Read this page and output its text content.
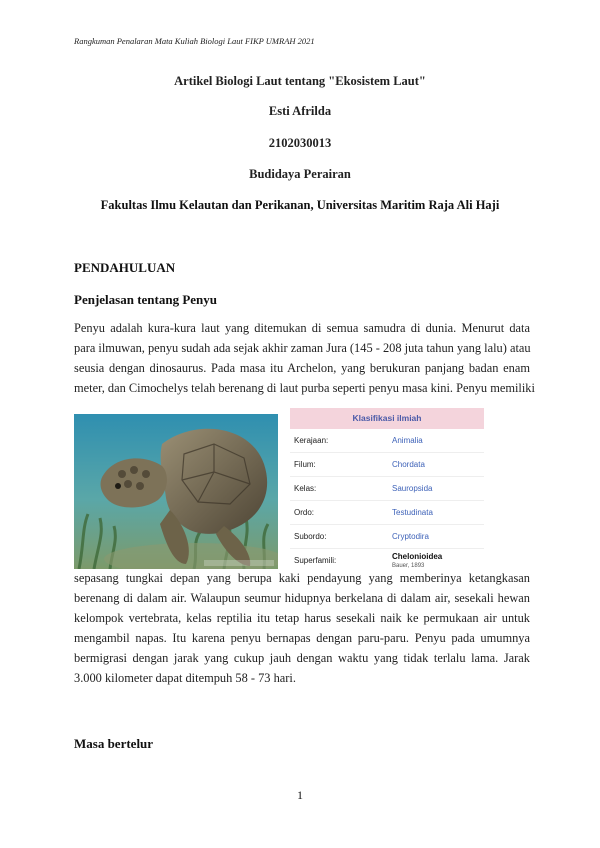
Rangkuman Penalaran Mata Kuliah Biologi Laut FIKP UMRAH 2021
Artikel Biologi Laut tentang "Ekosistem Laut"
Esti Afrilda
2102030013
Budidaya Perairan
Fakultas Ilmu Kelautan dan Perikanan, Universitas Maritim Raja Ali Haji
PENDAHULUAN
Penjelasan tentang Penyu
Penyu adalah kura-kura laut yang ditemukan di semua samudra di dunia. Menurut data
para ilmuwan, penyu sudah ada sejak akhir zaman Jura (145 - 208 juta tahun yang lalu) atau
seusia dengan dinosaurus. Pada masa itu Archelon, yang berukuran panjang badan enam
meter, dan Cimochelys telah berenang di laut purba seperti penyu masa kini. Penyu memiliki
Klasifikasi ilmiah
Kerajaan:	Animalia
Filum:	Chordata
Kelas:	Sauropsida
Ordo:	Testudinata
Subordo:	Cryptodira
Superfamili:	Chelonioidea
Bauer, 1893
sepasang tungkai depan yang berupa kaki pendayung yang memberinya ketangkasan
berenang di dalam air. Walaupun seumur hidupnya berkelana di dalam air, sesekali hewan
kelompok vertebrata, kelas reptilia itu tetap harus sesekali naik ke permukaan air untuk
mengambil napas. Itu karena penyu bernapas dengan paru-paru. Penyu pada umumnya
bermigrasi dengan jarak yang cukup jauh dengan waktu yang tidak terlalu lama. Jarak
3.000 kilometer dapat ditempuh 58 - 73 hari.
Masa bertelur
1
